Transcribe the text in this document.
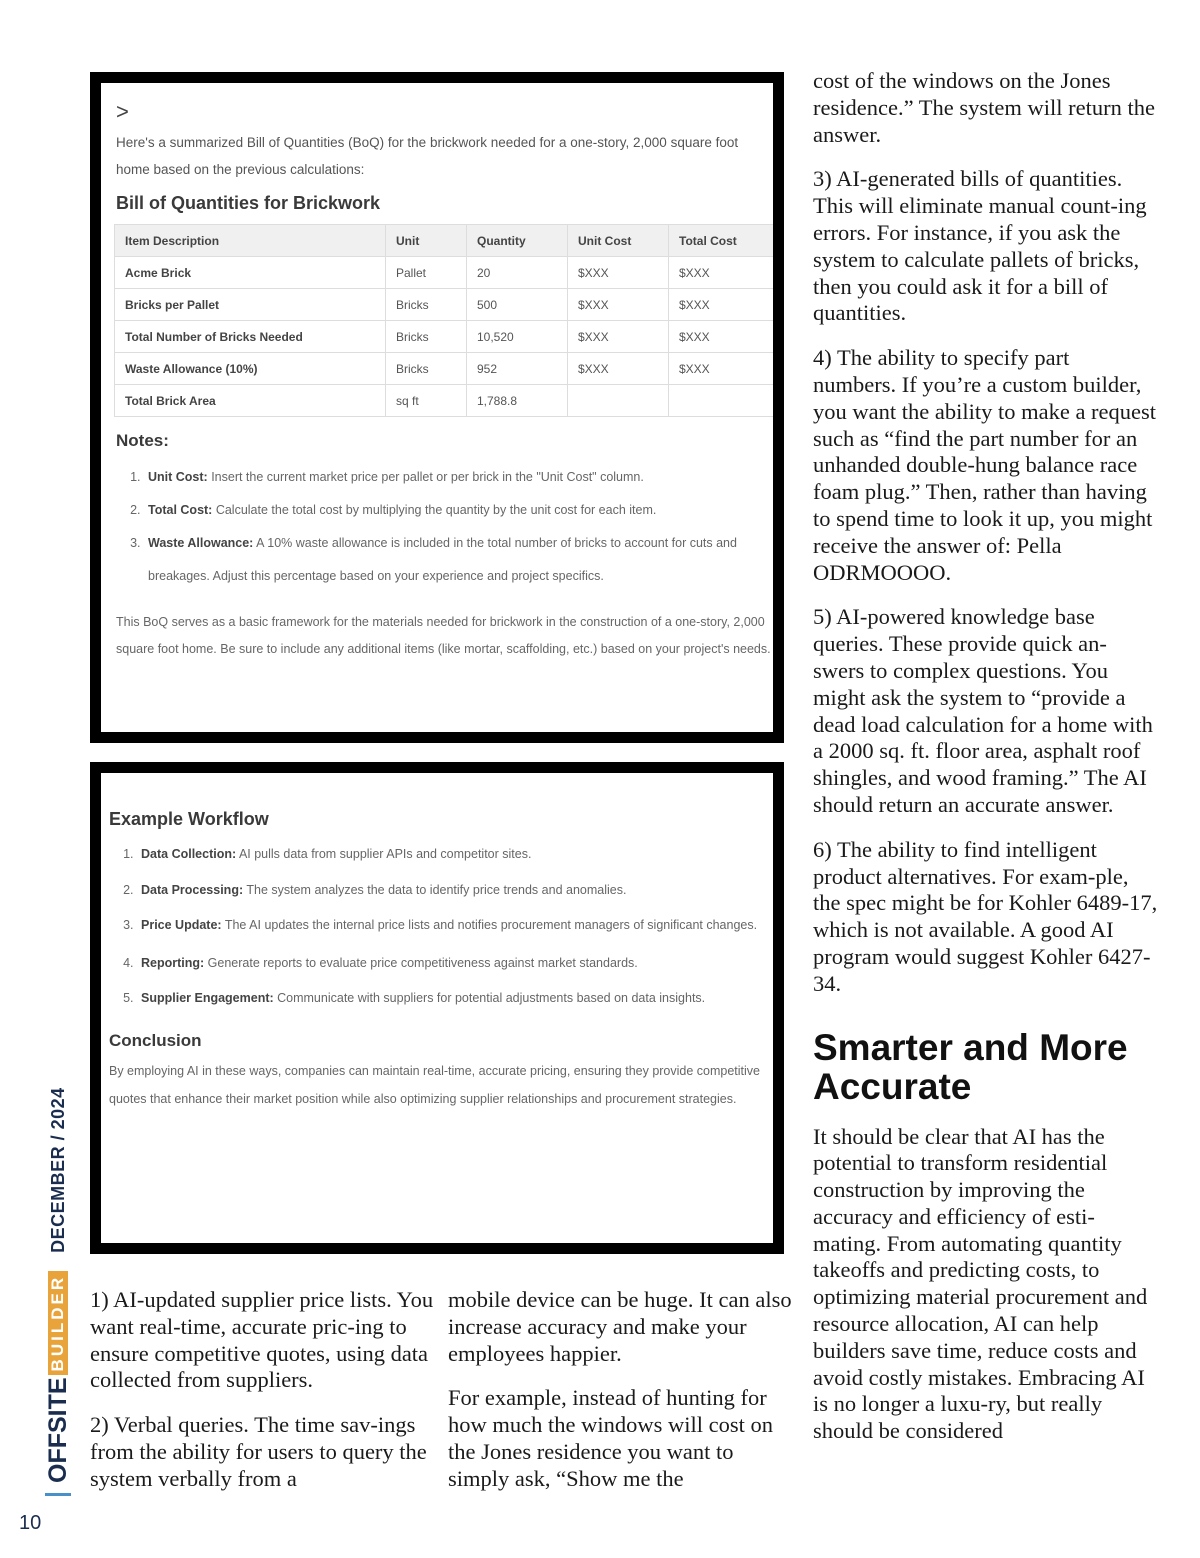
>

Here's a summarized Bill of Quantities (BoQ) for the brickwork needed for a one-story, 2,000 square foot home based on the previous calculations:

Bill of Quantities for Brickwork
Item Description	Unit	Quantity	Unit Cost	Total Cost
Acme Brick	Pallet	20	$XXX	$XXX
Bricks per Pallet	Bricks	500	$XXX	$XXX
Total Number of Bricks Needed	Bricks	10,520	$XXX	$XXX
Waste Allowance (10%)	Bricks	952	$XXX	$XXX
Total Brick Area	sq ft	1,788.8		
Notes:
1. Unit Cost: Insert the current market price per pallet or per brick in the "Unit Cost" column.
2. Total Cost: Calculate the total cost by multiplying the quantity by the unit cost for each item.
3. Waste Allowance: A 10% waste allowance is included in the total number of bricks to account for cuts and breakages. Adjust this percentage based on your experience and project specifics.

This BoQ serves as a basic framework for the materials needed for brickwork in the construction of a one-story, 2,000 square foot home. Be sure to include any additional items (like mortar, scaffolding, etc.) based on your project's needs.

Example Workflow
1. Data Collection: AI pulls data from supplier APIs and competitor sites.
2. Data Processing: The system analyzes the data to identify price trends and anomalies.
3. Price Update: The AI updates the internal price lists and notifies procurement managers of significant changes.
4. Reporting: Generate reports to evaluate price competitiveness against market standards.
5. Supplier Engagement: Communicate with suppliers for potential adjustments based on data insights.
Conclusion

By employing AI in these ways, companies can maintain real-time, accurate pricing, ensuring they provide competitive quotes that enhance their market position while also optimizing supplier relationships and procurement strategies.

1) AI-updated supplier price lists. You want real-time, accurate pric-ing to ensure competitive quotes, using data collected from suppliers.

2) Verbal queries. The time sav-ings from the ability for users to query the system verbally from a

mobile device can be huge. It can also increase accuracy and make your employees happier.

For example, instead of hunting for how much the windows will cost on the Jones residence you want to simply ask, “Show me the

cost of the windows on the Jones residence.” The system will return the answer.

3) AI-generated bills of quantities. This will eliminate manual count-ing errors. For instance, if you ask the system to calculate pallets of bricks, then you could ask it for a bill of quantities.

4) The ability to specify part numbers. If you’re a custom builder, you want the ability to make a request such as “find the part number for an unhanded double-hung balance race foam plug.” Then, rather than having to spend time to look it up, you might receive the answer of: Pella ODRMOOOO.

5) AI-powered knowledge base queries. These provide quick an-swers to complex questions. You might ask the system to “provide a dead load calculation for a home with a 2000 sq. ft. floor area, asphalt roof shingles, and wood framing.” The AI should return an accurate answer.

6) The ability to find intelligent product alternatives. For exam-ple, the spec might be for Kohler 6489-17, which is not available. A good AI program would suggest Kohler 6427-34.

Smarter and More Accurate

It should be clear that AI has the potential to transform residential construction by improving the accuracy and efficiency of esti-mating. From automating quantity takeoffs and predicting costs, to optimizing material procurement and resource allocation, AI can help builders save time, reduce costs and avoid costly mistakes. Embracing AI is no longer a luxu-ry, but really should be considered

OFFSITE
BUILDER
DECEMBER / 2024
10
